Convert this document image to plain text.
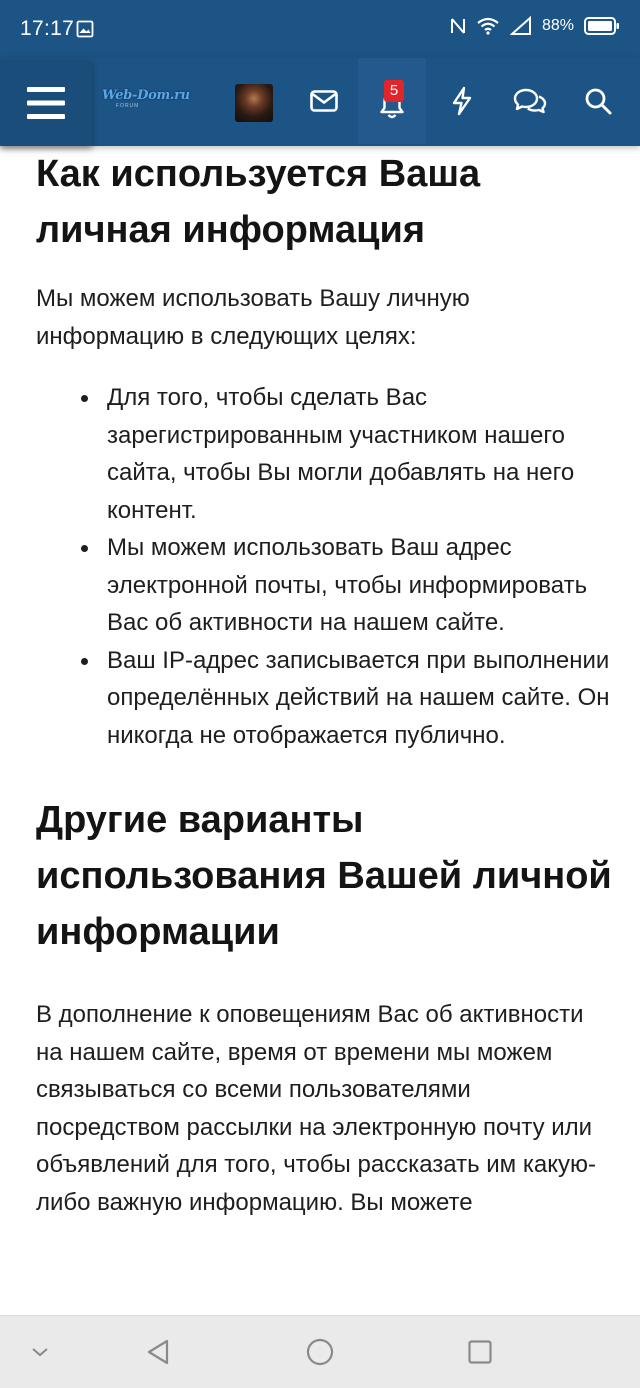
17:17	88%
Web-Dom.ru
FORUM
5
Как используется Ваша личная информация

Мы можем использовать Вашу личную информацию в следующих целях:

Для того, чтобы сделать Вас зарегистрированным участником нашего сайта, чтобы Вы могли добавлять на него контент.
Мы можем использовать Ваш адрес электронной почты, чтобы информировать Вас об активности на нашем сайте.
Ваш IP-адрес записывается при выполнении определённых действий на нашем сайте. Он никогда не отображается публично.
Другие варианты использования Вашей личной информации

В дополнение к оповещениям Вас об активности на нашем сайте, время от времени мы можем связываться со всеми пользователями посредством рассылки на электронную почту или объявлений для того, чтобы рассказать им какую-либо важную информацию. Вы можете
